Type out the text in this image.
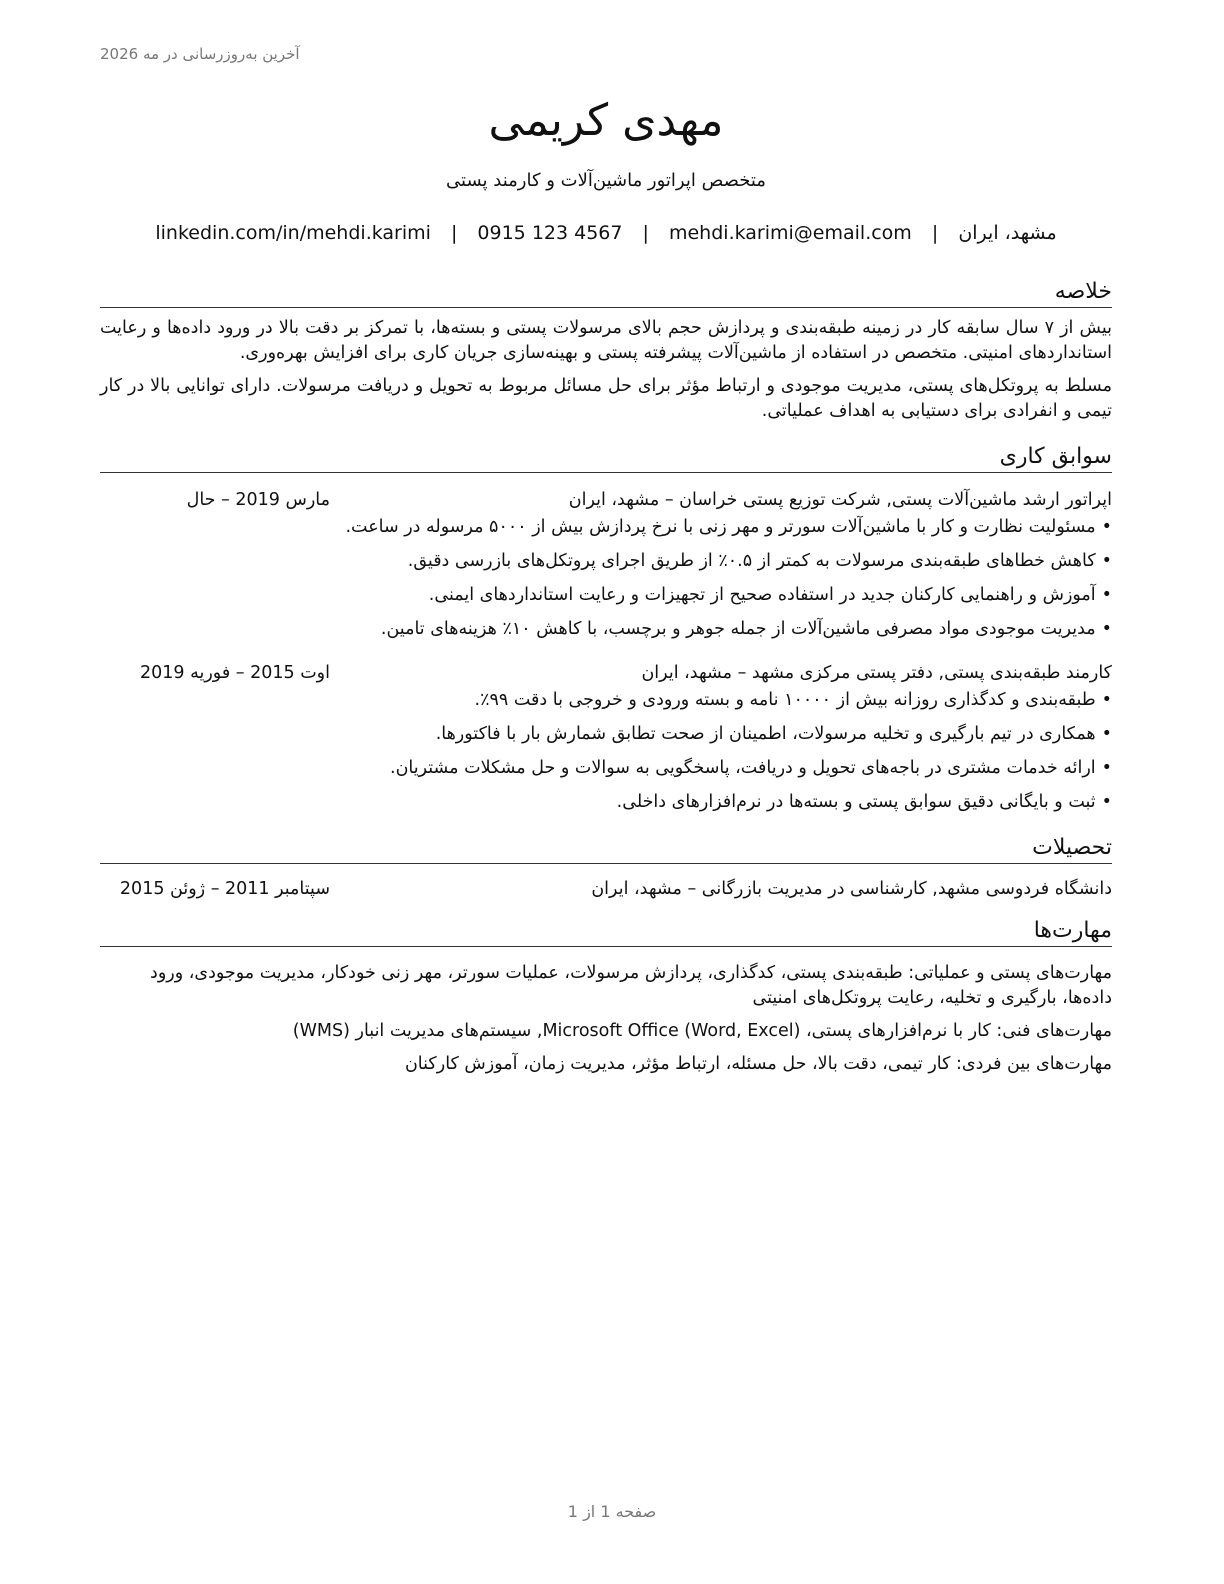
آخرین به‌روزرسانی در مه 2026
مهدی کریمی
متخصص اپراتور ماشین‌آلات و کارمند پستی
مشهد، ایران | mehdi.karimi@email.com | 0915 123 4567 | linkedin.com/in/mehdi.karimi
خلاصه
بیش از ۷ سال سابقه کار در زمینه طبقه‌بندی و پردازش حجم بالای مرسولات پستی و بسته‌ها، با تمرکز بر دقت بالا در ورود داده‌ها و رعایت استانداردهای امنیتی. متخصص در استفاده از ماشین‌آلات پیشرفته پستی و بهینه‌سازی جریان کاری برای افزایش بهره‌وری.
مسلط به پروتکل‌های پستی، مدیریت موجودی و ارتباط مؤثر برای حل مسائل مربوط به تحویل و دریافت مرسولات. دارای توانایی بالا در کار تیمی و انفرادی برای دستیابی به اهداف عملیاتی.
سوابق کاری
اپراتور ارشد ماشین‌آلات پستی, شرکت توزیع پستی خراسان – مشهد، ایران
مارس 2019 – حال
• مسئولیت نظارت و کار با ماشین‌آلات سورتر و مهر زنی با نرخ پردازش بیش از ۵۰۰۰ مرسوله در ساعت.
• کاهش خطاهای طبقه‌بندی مرسولات به کمتر از ۰.۵٪ از طریق اجرای پروتکل‌های بازرسی دقیق.
• آموزش و راهنمایی کارکنان جدید در استفاده صحیح از تجهیزات و رعایت استانداردهای ایمنی.
• مدیریت موجودی مواد مصرفی ماشین‌آلات از جمله جوهر و برچسب، با کاهش ۱۰٪ هزینه‌های تامین.
کارمند طبقه‌بندی پستی, دفتر پستی مرکزی مشهد – مشهد، ایران
اوت 2015 – فوریه 2019
• طبقه‌بندی و کدگذاری روزانه بیش از ۱۰۰۰۰ نامه و بسته ورودی و خروجی با دقت ۹۹٪.
• همکاری در تیم بارگیری و تخلیه مرسولات، اطمینان از صحت تطابق شمارش بار با فاکتورها.
• ارائه خدمات مشتری در باجه‌های تحویل و دریافت، پاسخگویی به سوالات و حل مشکلات مشتریان.
• ثبت و بایگانی دقیق سوابق پستی و بسته‌ها در نرم‌افزارهای داخلی.
تحصیلات
دانشگاه فردوسی مشهد, کارشناسی در مدیریت بازرگانی – مشهد، ایران
سپتامبر 2011 – ژوئن 2015
مهارت‌ها
مهارت‌های پستی و عملیاتی: طبقه‌بندی پستی، کدگذاری، پردازش مرسولات، عملیات سورتر، مهر زنی خودکار، مدیریت موجودی، ورود داده‌ها، بارگیری و تخلیه، رعایت پروتکل‌های امنیتی
مهارت‌های فنی: کار با نرم‌افزارهای پستی، Microsoft Office (Word, Excel), سیستم‌های مدیریت انبار (WMS)
مهارت‌های بین فردی: کار تیمی، دقت بالا، حل مسئله، ارتباط مؤثر، مدیریت زمان، آموزش کارکنان
صفحه 1 از 1
